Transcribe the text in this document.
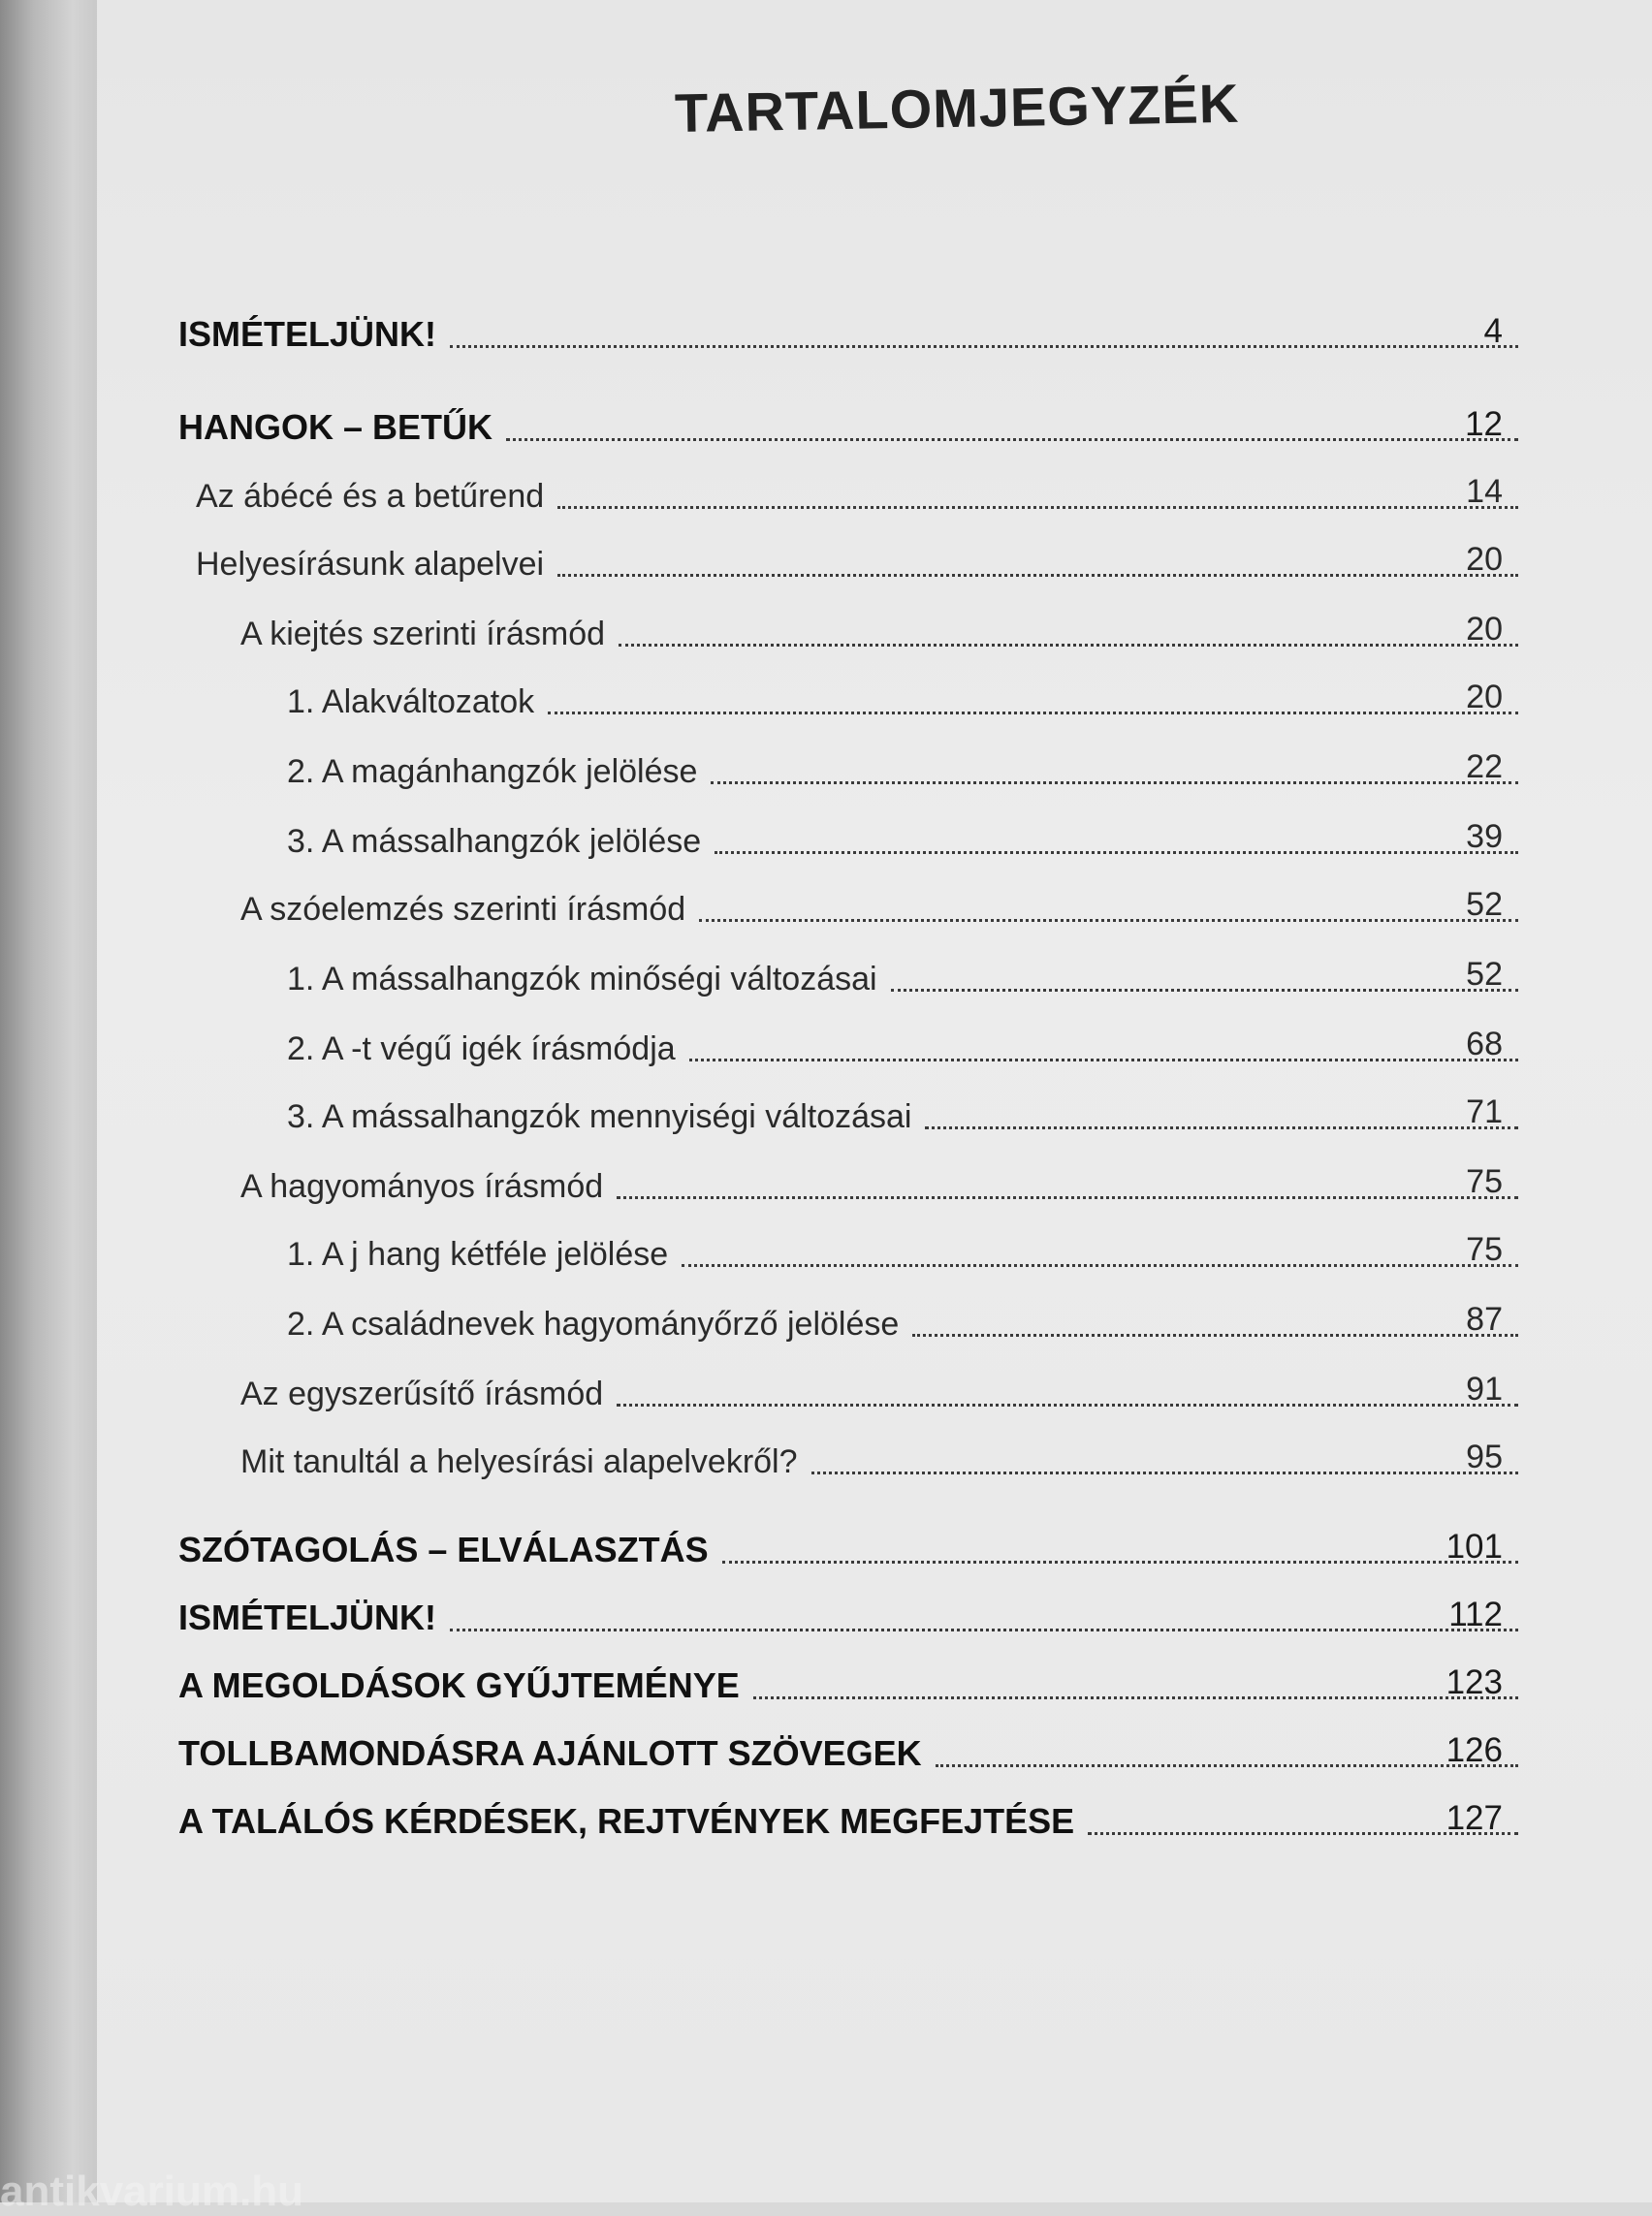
TARTALOMJEGYZÉK
ISMÉTELJÜNK!	4
HANGOK – BETŰK	12
Az ábécé és a betűrend	14
Helyesírásunk alapelvei	20
A kiejtés szerinti írásmód	20
1. Alakváltozatok	20
2. A magánhangzók jelölése	22
3. A mássalhangzók jelölése	39
A szóelemzés szerinti írásmód	52
1. A mássalhangzók minőségi változásai	52
2. A -t végű igék írásmódja	68
3. A mássalhangzók mennyiségi változásai	71
A hagyományos írásmód	75
1. A j hang kétféle jelölése	75
2. A családnevek hagyományőrző jelölése	87
Az egyszerűsítő írásmód	91
Mit tanultál a helyesírási alapelvekről?	95
SZÓTAGOLÁS – ELVÁLASZTÁS	101
ISMÉTELJÜNK!	112
A MEGOLDÁSOK GYŰJTEMÉNYE	123
TOLLBAMONDÁSRA AJÁNLOTT SZÖVEGEK	126
A TALÁLÓS KÉRDÉSEK, REJTVÉNYEK MEGFEJTÉSE	127
antikvarium.hu
